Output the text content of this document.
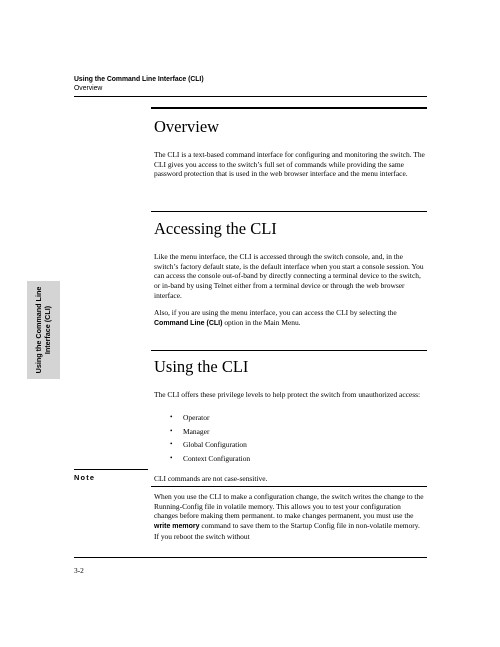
Using the Command Line Interface (CLI)
Overview
Using the Command Line
Interface (CLI)
Overview

The CLI is a text-based command interface for configuring and monitoring the switch. The CLI gives you access to the switch’s full set of commands while providing the same password protection that is used in the web browser interface and the menu interface.

Accessing the CLI

Like the menu interface, the CLI is accessed through the switch console, and, in the switch’s factory default state, is the default interface when you start a console session. You can access the console out-of-band by directly connecting a terminal device to the switch, or in-band by using Telnet either from a terminal device or through the web browser interface.

Also, if you are using the menu interface, you can access the CLI by selecting the Command Line (CLI) option in the Main Menu.

Using the CLI

The CLI offers these privilege levels to help protect the switch from unauthorized access:

• Operator
• Manager
• Global Configuration
• Context Configuration
Note	CLI commands are not case-sensitive.

When you use the CLI to make a configuration change, the switch writes the change to the Running-Config file in volatile memory. This allows you to test your configuration changes before making them permanent. to make changes permanent, you must use the write memory command to save them to the Startup Config file in non-volatile memory. If you reboot the switch without

3-2
